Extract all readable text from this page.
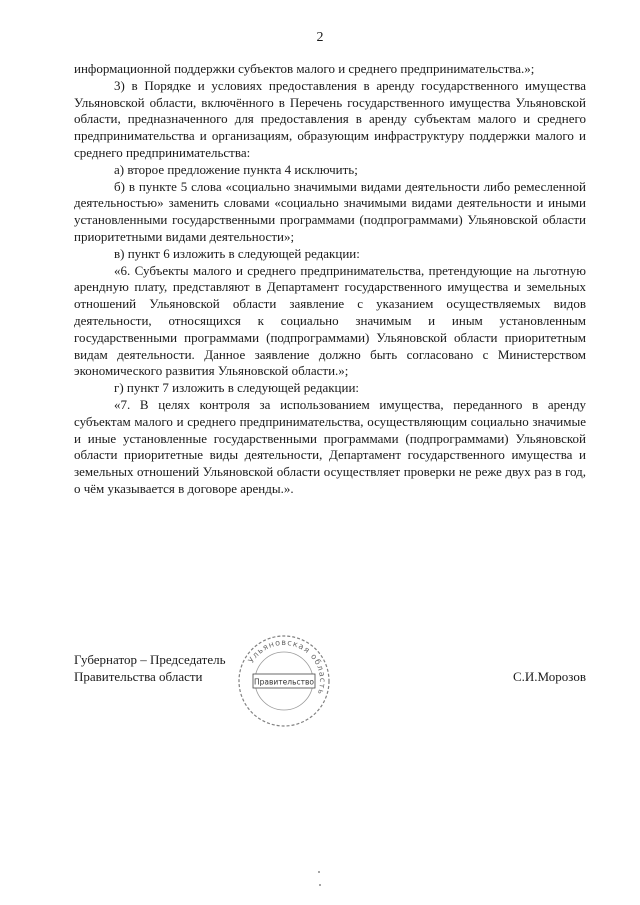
2

информационной поддержки субъектов малого и среднего предпринимательства.»;

3) в Порядке и условиях предоставления в аренду государственного имущества Ульяновской области, включённого в Перечень государственного имущества Ульяновской области, предназначенного для предоставления в аренду субъектам малого и среднего предпринимательства и организациям, образующим инфраструктуру поддержки малого и среднего предпринимательства:

а) второе предложение пункта 4 исключить;

б) в пункте 5 слова «социально значимыми видами деятельности либо ремесленной деятельностью» заменить словами «социально значимыми видами деятельности и иными установленными государственными программами (подпрограммами) Ульяновской области приоритетными видами деятельности»;

в) пункт 6 изложить в следующей редакции:

«6. Субъекты малого и среднего предпринимательства, претендующие на льготную арендную плату, представляют в Департамент государственного имущества и земельных отношений Ульяновской области заявление с указанием осуществляемых видов деятельности, относящихся к социально значимым и иным установленным государственными программами (подпрограммами) Ульяновской области приоритетным видам деятельности. Данное заявление должно быть согласовано с Министерством экономического развития Ульяновской области.»;

г) пункт 7 изложить в следующей редакции:

«7. В целях контроля за использованием имущества, переданного в аренду субъектам малого и среднего предпринимательства, осуществляющим социально значимые и иные установленные государственными программами (подпрограммами) Ульяновской области приоритетные виды деятельности, Департамент государственного имущества и земельных отношений Ульяновской области осуществляет проверки не реже двух раз в год, о чём указывается в договоре аренды.».

Губернатор – Председатель
Правительства области	С.И.Морозов
Ульяновская область
Правительство
